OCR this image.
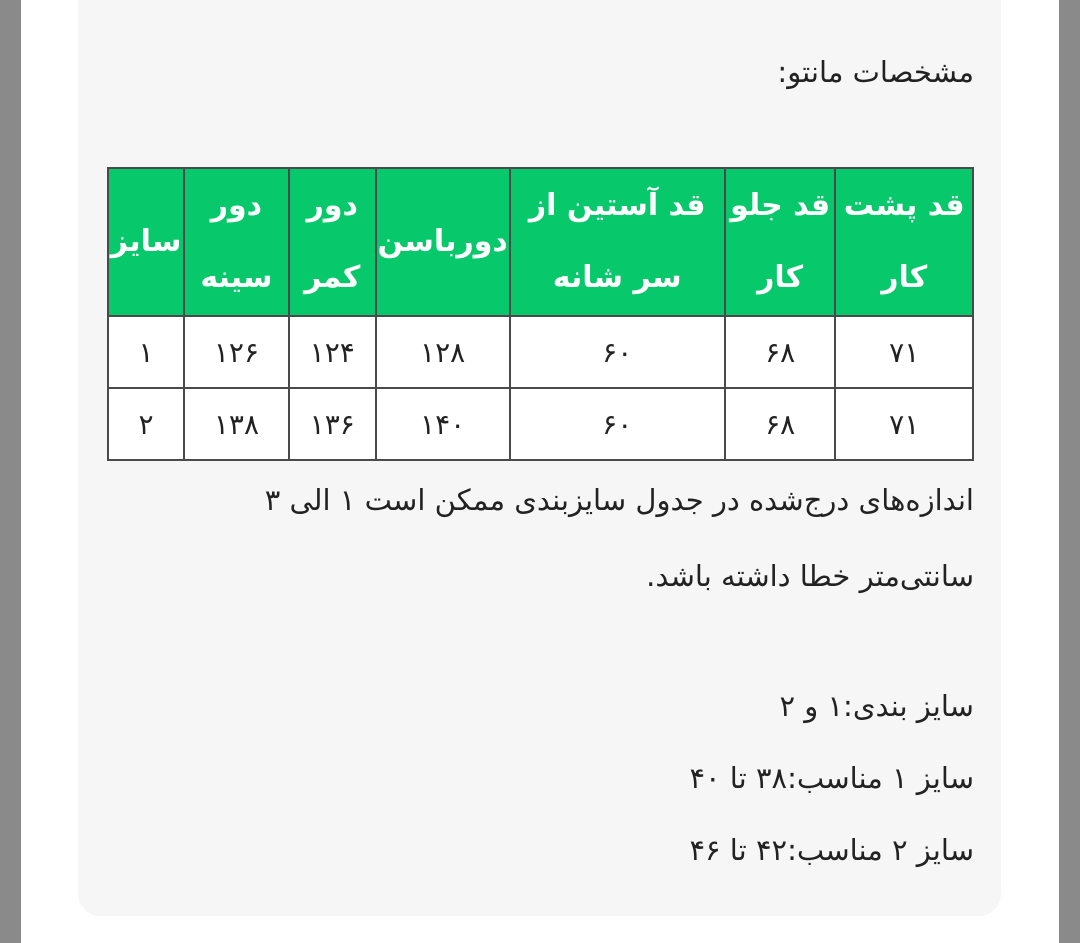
مشخصات مانتو:
قد پشت کار	قد جلو کار	قد آستین از سر شانه	دورباسن	دور کمر	دور سینه	سایز
۷۱	۶۸	۶۰	۱۲۸	۱۲۴	۱۲۶	۱
۷۱	۶۸	۶۰	۱۴۰	۱۳۶	۱۳۸	۲
اندازه‌های درج‌شده در جدول سایزبندی ممکن است ۱ الی ۳
سانتی‌متر خطا داشته باشد.
سایز بندی:۱ و ۲
سایز ۱ مناسب:۳۸ تا ۴۰
سایز ۲ مناسب:۴۲ تا ۴۶
